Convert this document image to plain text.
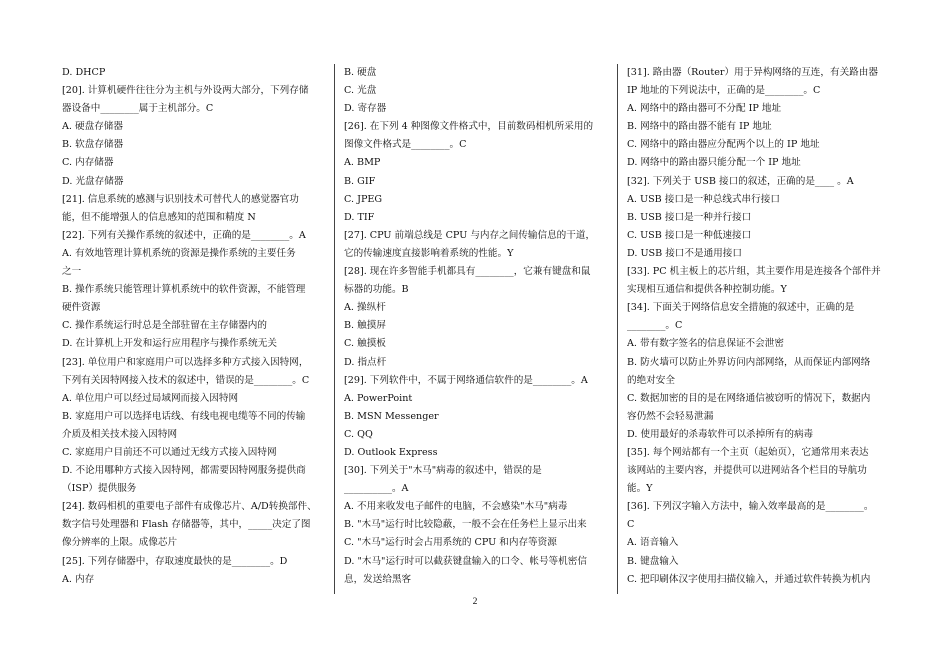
D. DHCP
[20]. 计算机硬件往往分为主机与外设两大部分，下列存储
器设备中________属于主机部分。C
A. 硬盘存储器
B. 软盘存储器
C. 内存储器
D. 光盘存储器
[21]. 信息系统的感测与识别技术可替代人的感觉器官功
能，但不能增强人的信息感知的范围和精度 N
[22]. 下列有关操作系统的叙述中，正确的是________。A
A. 有效地管理计算机系统的资源是操作系统的主要任务
之一
B. 操作系统只能管理计算机系统中的软件资源，不能管理
硬件资源
C. 操作系统运行时总是全部驻留在主存储器内的
D. 在计算机上开发和运行应用程序与操作系统无关
[23]. 单位用户和家庭用户可以选择多种方式接入因特网，
下列有关因特网接入技术的叙述中，错误的是________。C
A. 单位用户可以经过局域网而接入因特网
B. 家庭用户可以选择电话线、有线电视电缆等不同的传输
介质及相关技术接入因特网
C. 家庭用户目前还不可以通过无线方式接入因特网
D. 不论用哪种方式接入因特网，都需要因特网服务提供商
（ISP）提供服务
[24]. 数码相机的重要电子部件有成像芯片、A/D转换部件、
数字信号处理器和 Flash 存储器等，其中，_____决定了图
像分辨率的上限。成像芯片
[25]. 下列存储器中，存取速度最快的是________。D
A. 内存
B. 硬盘
C. 光盘
D. 寄存器
[26]. 在下列 4 种图像文件格式中，目前数码相机所采用的
图像文件格式是________。C
A. BMP
B. GIF
C. JPEG
D. TIF
[27]. CPU 前端总线是 CPU 与内存之间传输信息的干道，
它的传输速度直接影响着系统的性能。Y
[28]. 现在许多智能手机都具有________，它兼有键盘和鼠
标器的功能。B
A. 操纵杆
B. 触摸屏
C. 触摸板
D. 指点杆
[29]. 下列软件中，不属于网络通信软件的是________。A
A. PowerPoint
B. MSN Messenger
C. QQ
D. Outlook Express
[30]. 下列关于"木马"病毒的叙述中，错误的是
__________。A
A. 不用来收发电子邮件的电脑，不会感染"木马"病毒
B. "木马"运行时比较隐蔽，一般不会在任务栏上显示出来
C. "木马"运行时会占用系统的 CPU 和内存等资源
D. "木马"运行时可以截获键盘输入的口令、帐号等机密信
息，发送给黑客
[31]. 路由器（Router）用于异构网络的互连，有关路由器
IP 地址的下列说法中，正确的是________。C
A. 网络中的路由器可不分配 IP 地址
B. 网络中的路由器不能有 IP 地址
C. 网络中的路由器应分配两个以上的 IP 地址
D. 网络中的路由器只能分配一个 IP 地址
[32]. 下列关于 USB 接口的叙述，正确的是____ 。A
A. USB 接口是一种总线式串行接口
B. USB 接口是一种并行接口
C. USB 接口是一种低速接口
D. USB 接口不是通用接口
[33]. PC 机主板上的芯片组，其主要作用是连接各个部件并
实现相互通信和提供各种控制功能。Y
[34]. 下面关于网络信息安全措施的叙述中，正确的是
________。C
A. 带有数字签名的信息保证不会泄密
B. 防火墙可以防止外界访问内部网络，从而保证内部网络
的绝对安全
C. 数据加密的目的是在网络通信被窃听的情况下，数据内
容仍然不会轻易泄漏
D. 使用最好的杀毒软件可以杀掉所有的病毒
[35]. 每个网站都有一个主页（起始页），它通常用来表达
该网站的主要内容，并提供可以进网站各个栏目的导航功
能。Y
[36]. 下列汉字输入方法中，输入效率最高的是________。
C
A. 语音输入
B. 键盘输入
C. 把印刷体汉字使用扫描仪输入，并通过软件转换为机内
2
